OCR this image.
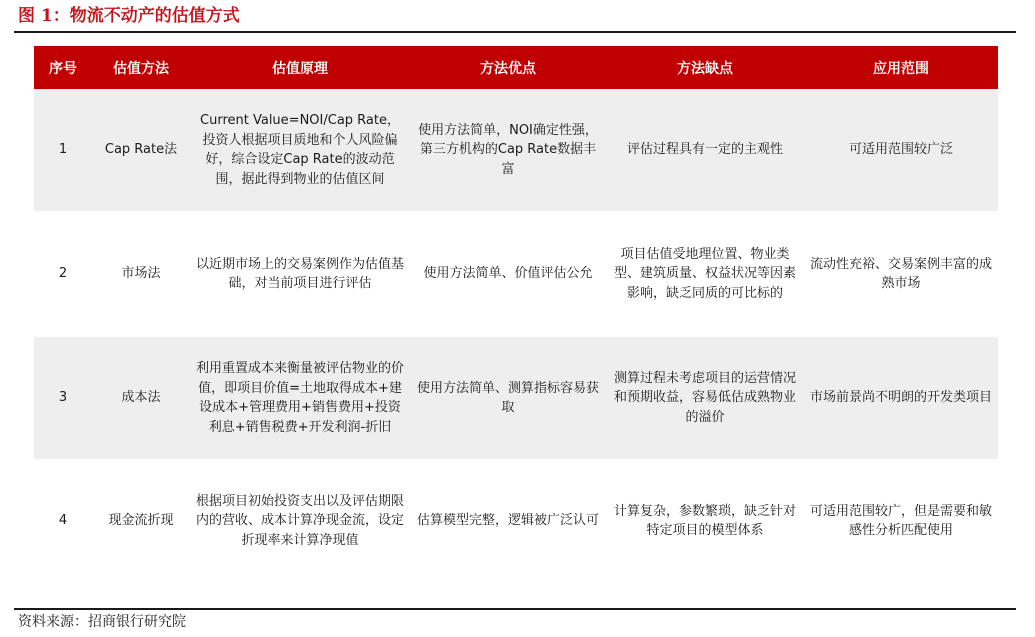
图 1：物流不动产的估值方式
序号	估值方法	估值原理	方法优点	方法缺点	应用范围
1	Cap Rate法	Current Value=NOI/Cap Rate，投资人根据项目质地和个人风险偏好，综合设定Cap Rate的波动范围，据此得到物业的估值区间	使用方法简单，NOI确定性强，第三方机构的Cap Rate数据丰富	评估过程具有一定的主观性	可适用范围较广泛
2	市场法	以近期市场上的交易案例作为估值基础，对当前项目进行评估	使用方法简单、价值评估公允	项目估值受地理位置、物业类型、建筑质量、权益状况等因素影响，缺乏同质的可比标的	流动性充裕、交易案例丰富的成熟市场
3	成本法	利用重置成本来衡量被评估物业的价值，即项目价值=土地取得成本+建设成本+管理费用+销售费用+投资利息+销售税费+开发利润-折旧	使用方法简单、测算指标容易获取	测算过程未考虑项目的运营情况和预期收益，容易低估成熟物业的溢价	市场前景尚不明朗的开发类项目
4	现金流折现	根据项目初始投资支出以及评估期限内的营收、成本计算净现金流，设定折现率来计算净现值	估算模型完整，逻辑被广泛认可	计算复杂，参数繁琐，缺乏针对特定项目的模型体系	可适用范围较广，但是需要和敏感性分析匹配使用
资料来源：招商银行研究院
